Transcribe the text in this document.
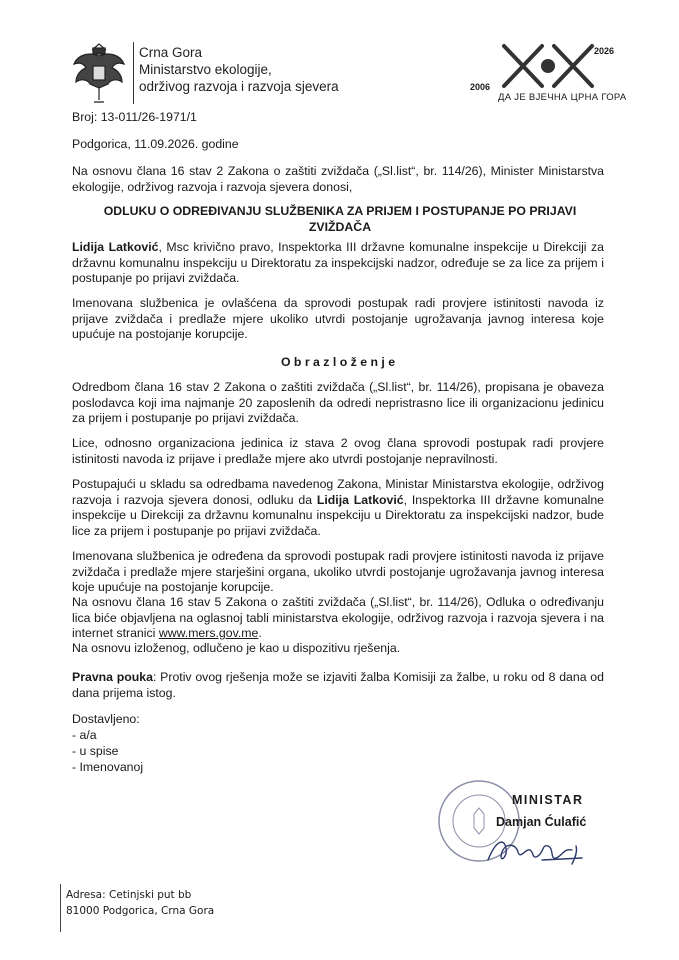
Crna Gora
Ministarstvo ekologije,
održivog razvoja i razvoja sjevera	2006
2026
ДА ЈЕ ВЈЕЧНА ЦРНА ГОРА
Broj: 13-011/26-1971/1
Podgorica, 11.09.2026. godine
Na osnovu člana 16 stav 2 Zakona o zaštiti zviždača („Sl.list“, br. 114/26), Minister Ministarstva ekologije, održivog razvoja i razvoja sjevera donosi,
ODLUKU O ODREĐIVANJU SLUŽBENIKA ZA PRIJEM I POSTUPANJE PO PRIJAVI ZVIŽDAČA
Lidija Latković, Msc krivično pravo, Inspektorka III državne komunalne inspekcije u Direkciji za državnu komunalnu inspekciju u Direktoratu za inspekcijski nadzor, određuje se za lice za prijem i postupanje po prijavi zviždača.
Imenovana službenica je ovlašćena da sprovodi postupak radi provjere istinitosti navoda iz prijave zviždača i predlaže mjere ukoliko utvrdi postojanje ugrožavanja javnog interesa koje upućuje na postojanje korupcije.
O b r a z l o ž e n j e
Odredbom člana 16 stav 2 Zakona o zaštiti zviždača („Sl.list“, br. 114/26), propisana je obaveza poslodavca koji ima najmanje 20 zaposlenih da odredi nepristrasno lice ili organizacionu jedinicu za prijem i postupanje po prijavi zviždača.
Lice, odnosno organizaciona jedinica iz stava 2 ovog člana sprovodi postupak radi provjere istinitosti navoda iz prijave i predlaže mjere ako utvrdi postojanje nepravilnosti.
Postupajući u skladu sa odredbama navedenog Zakona, Ministar Ministarstva ekologije, održivog razvoja i razvoja sjevera donosi, odluku da Lidija Latković, Inspektorka III državne komunalne inspekcije u Direkciji za državnu komunalnu inspekciju u Direktoratu za inspekcijski nadzor, bude lice za prijem i postupanje po prijavi zviždača.
Imenovana službenica je određena da sprovodi postupak radi provjere istinitosti navoda iz prijave zviždača i predlaže mjere starješini organa, ukoliko utvrdi postojanje ugrožavanja javnog interesa koje upućuje na postojanje korupcije.
Na osnovu člana 16 stav 5 Zakona o zaštiti zviždača („Sl.list“, br. 114/26), Odluka o određivanju lica biće objavljena na oglasnoj tabli ministarstva ekologije, održivog razvoja i razvoja sjevera i na internet stranici www.mers.gov.me.
Na osnovu izloženog, odlučeno je kao u dispozitivu rješenja.
Pravna pouka: Protiv ovog rješenja može se izjaviti žalba Komisiji za žalbe, u roku od 8 dana od dana prijema istog.
Dostavljeno:
- a/a
- u spise
- Imenovanoj
MINISTAR
Damjan Ćulafić
Adresa: Cetinjski put bb
81000 Podgorica, Crna Gora
